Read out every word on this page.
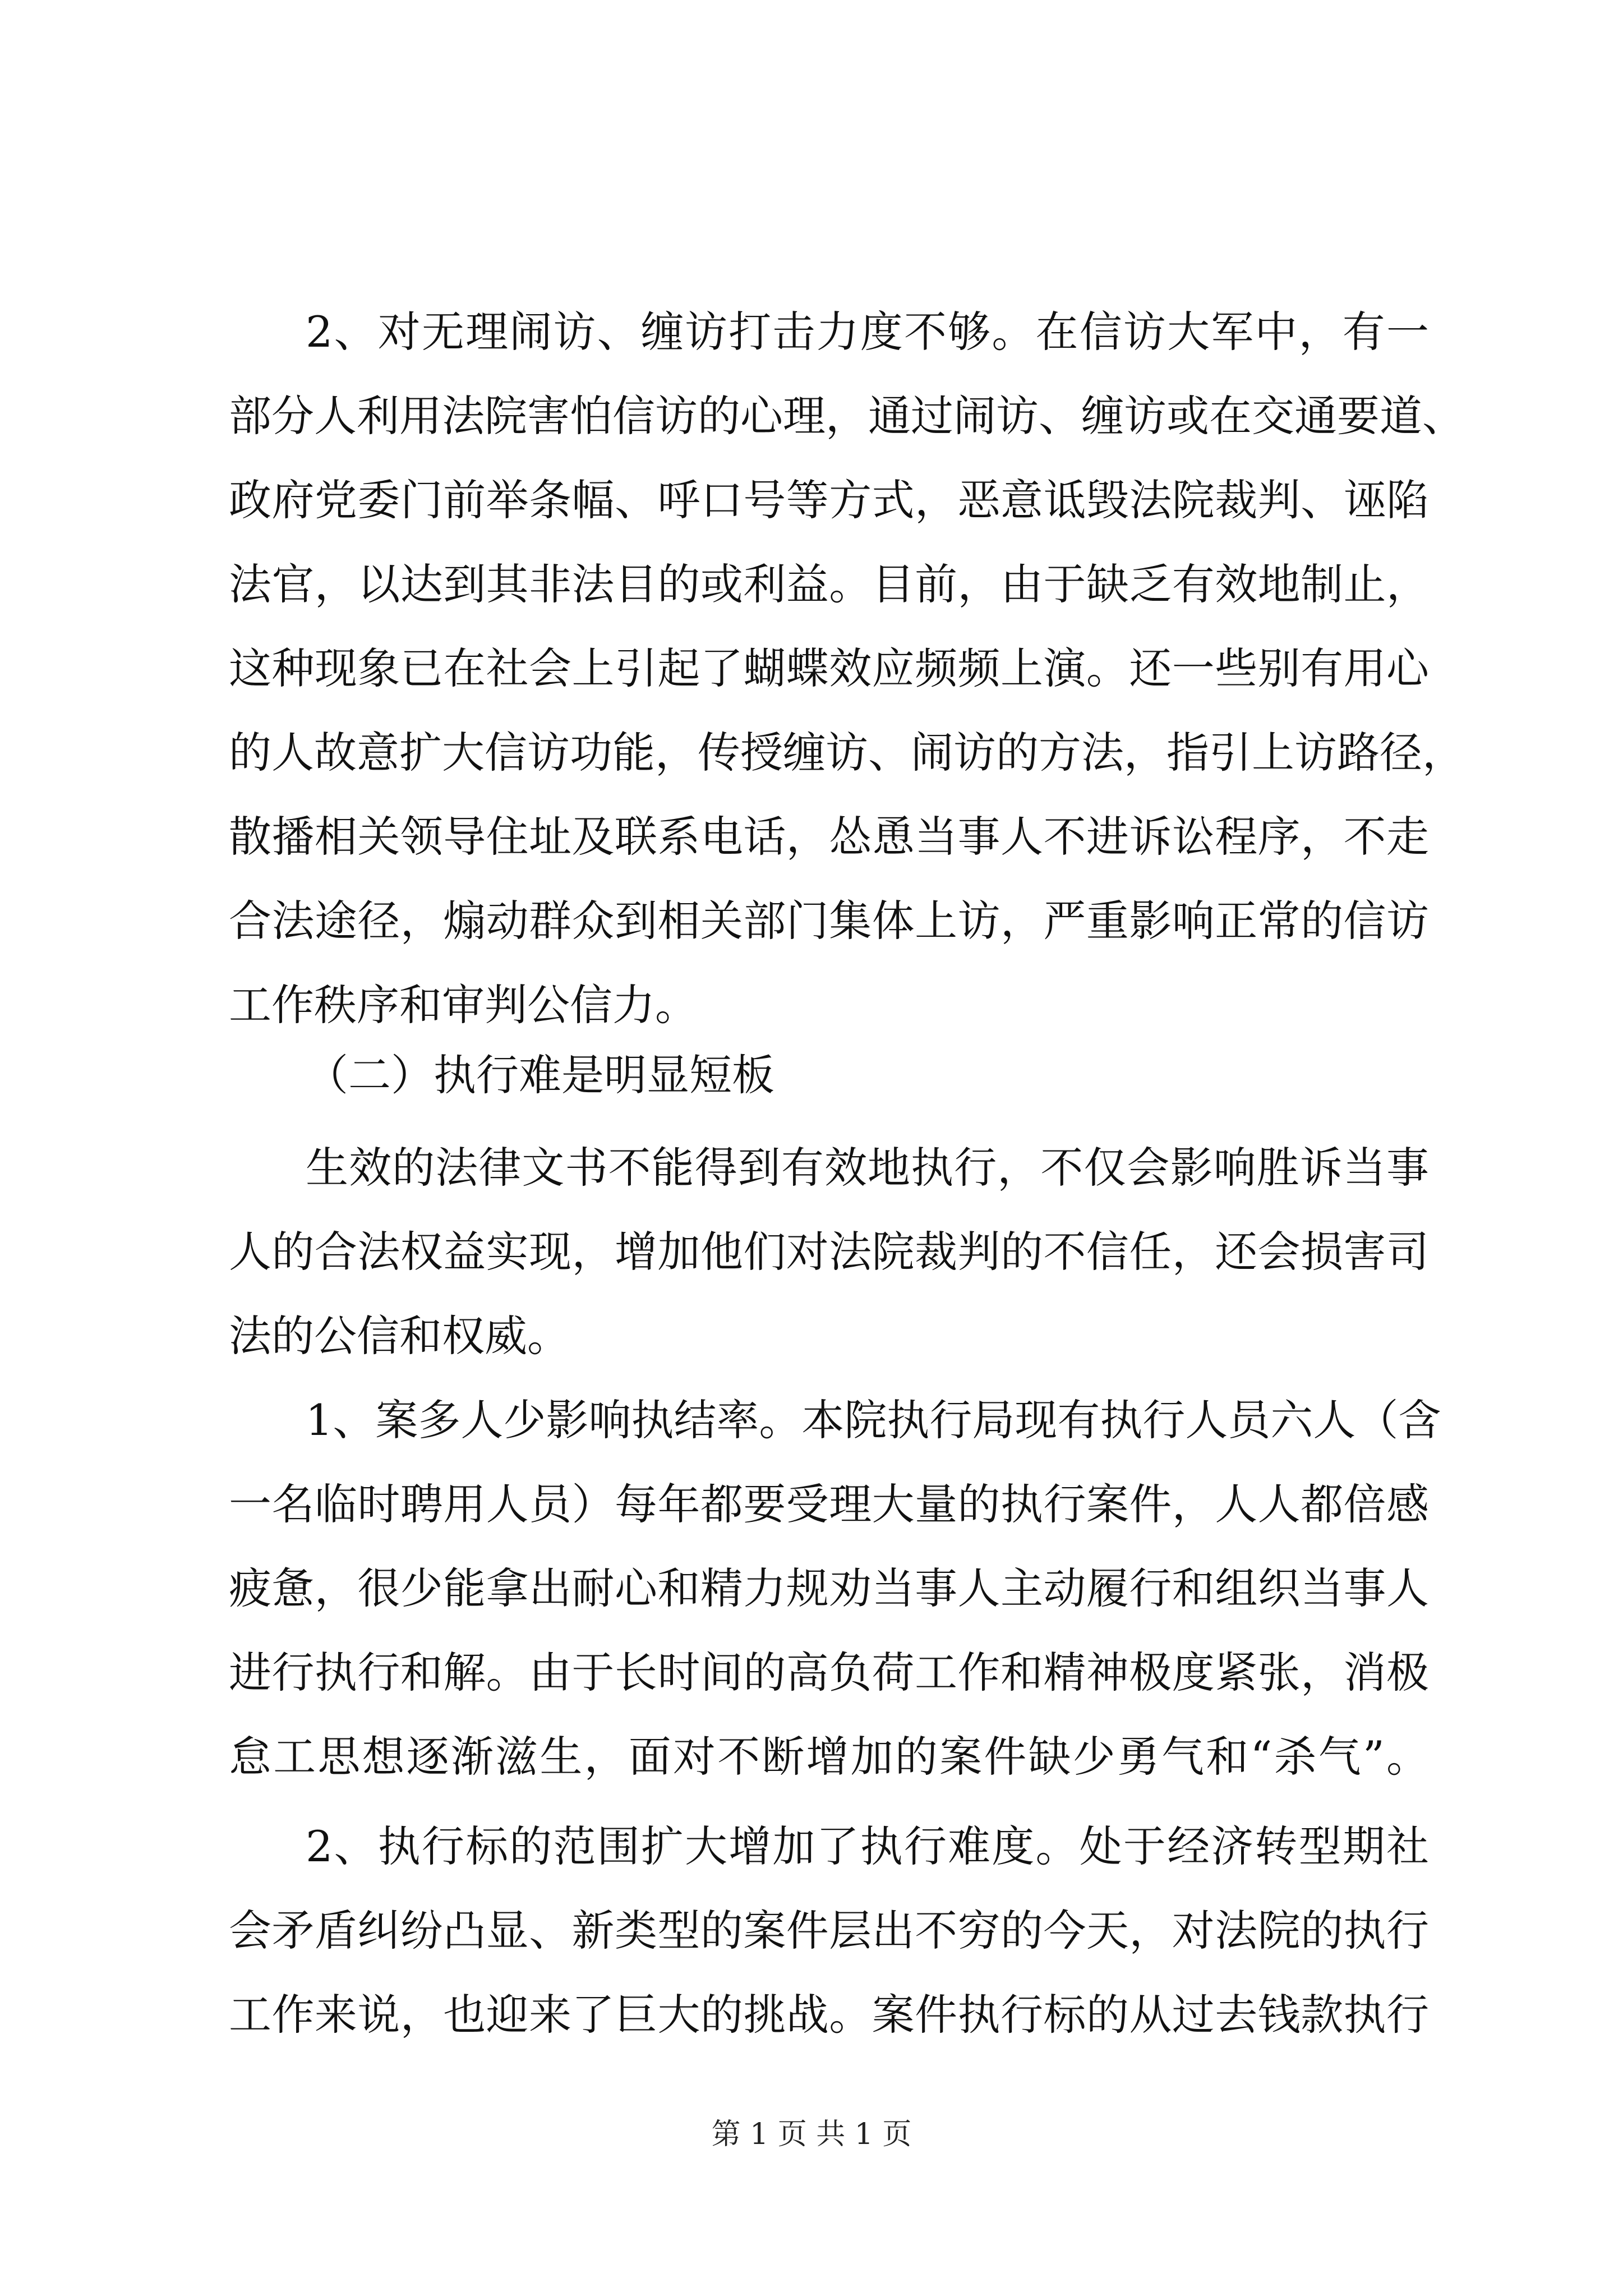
2、对无理闹访、缠访打击力度不够。在信访大军中，有一
部分人利用法院害怕信访的心理，通过闹访、缠访或在交通要道、
政府党委门前举条幅、呼口号等方式，恶意诋毁法院裁判、诬陷
法官，以达到其非法目的或利益。目前，由于缺乏有效地制止，
这种现象已在社会上引起了蝴蝶效应频频上演。还一些别有用心
的人故意扩大信访功能，传授缠访、闹访的方法，指引上访路径，
散播相关领导住址及联系电话，怂恿当事人不进诉讼程序，不走
合法途径，煽动群众到相关部门集体上访，严重影响正常的信访
工作秩序和审判公信力。
（二）执行难是明显短板
生效的法律文书不能得到有效地执行，不仅会影响胜诉当事
人的合法权益实现，增加他们对法院裁判的不信任，还会损害司
法的公信和权威。
1、案多人少影响执结率。本院执行局现有执行人员六人（含
一名临时聘用人员）每年都要受理大量的执行案件，人人都倍感
疲惫，很少能拿出耐心和精力规劝当事人主动履行和组织当事人
进行执行和解。由于长时间的高负荷工作和精神极度紧张，消极
怠工思想逐渐滋生，面对不断增加的案件缺少勇气和“杀气”。
2、执行标的范围扩大增加了执行难度。处于经济转型期社
会矛盾纠纷凸显、新类型的案件层出不穷的今天，对法院的执行
工作来说，也迎来了巨大的挑战。案件执行标的从过去钱款执行
第 1 页 共 1 页
